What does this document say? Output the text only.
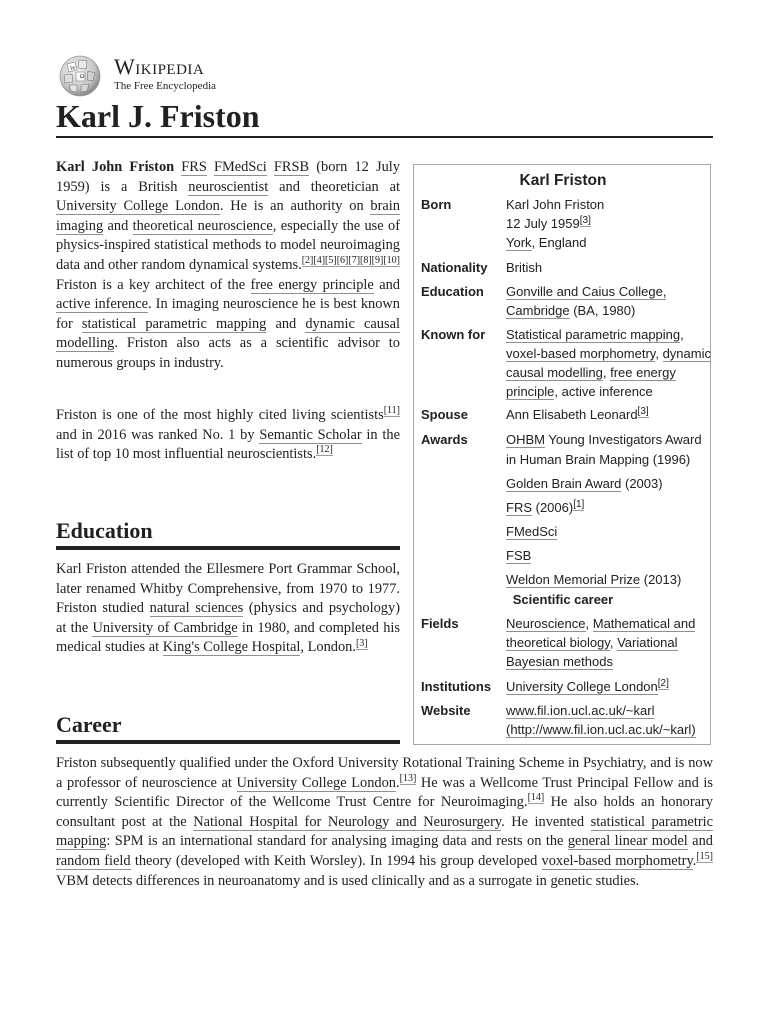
W
Ω Wikipedia
The Free Encyclopedia
Karl J. Friston

Karl John Friston FRS FMedSci FRSB (born 12 July 1959) is a British neuroscientist and theoretician at University College London. He is an authority on brain imaging and theoretical neuroscience, especially the use of physics-inspired statistical methods to model neuroimaging data and other random dynamical systems.[2][4][5][6][7][8][9][10] Friston is a key architect of the free energy principle and active inference. In imaging neuroscience he is best known for statistical parametric mapping and dynamic causal modelling. Friston also acts as a scientific advisor to numerous groups in industry.

Friston is one of the most highly cited living scientists[11] and in 2016 was ranked No. 1 by Semantic Scholar in the list of top 10 most influential neuroscientists.[12]

Education

Karl Friston attended the Ellesmere Port Grammar School, later renamed Whitby Comprehensive, from 1970 to 1977. Friston studied natural sciences (physics and psychology) at the University of Cambridge in 1980, and completed his medical studies at King's College Hospital, London.[3]

Career

Friston subsequently qualified under the Oxford University Rotational Training Scheme in Psychiatry, and is now a professor of neuroscience at University College London.[13] He was a Wellcome Trust Principal Fellow and is currently Scientific Director of the Wellcome Trust Centre for Neuroimaging.[14] He also holds an honorary consultant post at the National Hospital for Neurology and Neurosurgery. He invented statistical parametric mapping: SPM is an international standard for analysing imaging data and rests on the general linear model and random field theory (developed with Keith Worsley). In 1994 his group developed voxel-based morphometry.[15] VBM detects differences in neuroanatomy and is used clinically and as a surrogate in genetic studies.

Karl Friston
Born	Karl John Friston
12 July 1959[3]
York, England
Nationality	British
Education	Gonville and Caius College, Cambridge (BA, 1980)
Known for	Statistical parametric mapping, voxel-based morphometry, dynamic causal modelling, free energy principle, active inference
Spouse	Ann Elisabeth Leonard[3]
Awards	OHBM Young Investigators Award in Human Brain Mapping (1996)
Golden Brain Award (2003)
FRS (2006)[1]
FMedSci
FSB
Weldon Memorial Prize (2013)
Scientific career
Fields	Neuroscience, Mathematical and theoretical biology, Variational Bayesian methods
Institutions	University College London[2]
Website	www.fil.ion.ucl.ac.uk/~karl (http://www.fil.ion.ucl.ac.uk/~karl)
